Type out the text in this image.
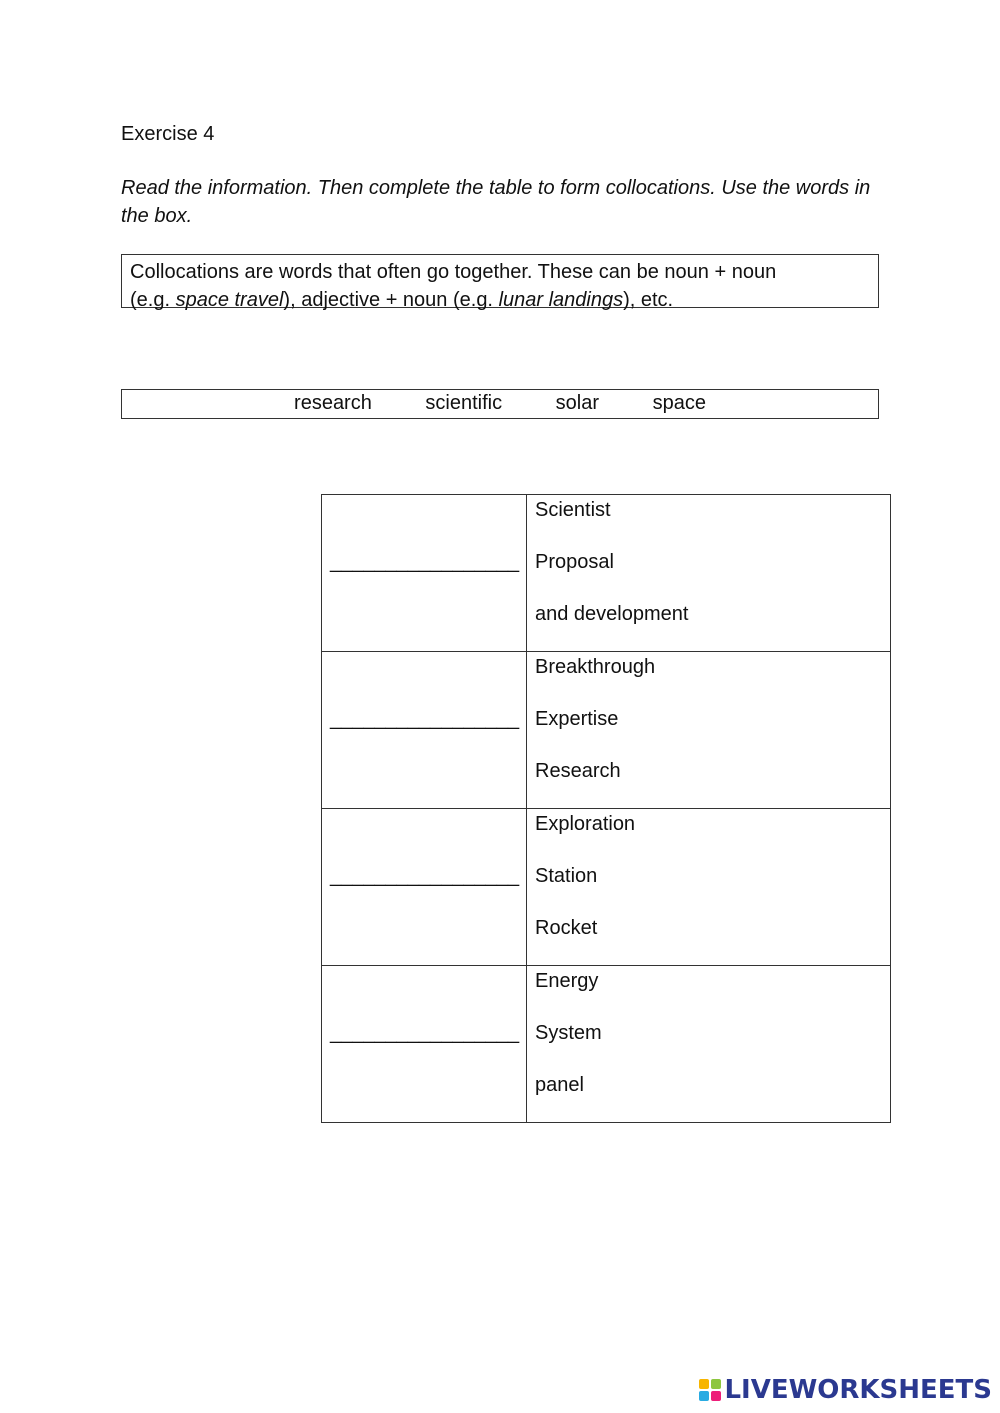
Exercise 4
Read the information. Then complete the table to form collocations. Use the words in the box.
Collocations are words that often go together. These can be noun + noun
(e.g. space travel), adjective + noun (e.g. lunar landings), etc.
research	scientific	solar	space
_________________	Scientist
Proposal
and development

_________________	Breakthrough
Expertise
Research

_________________	Exploration
Station
Rocket

_________________	Energy
System
panel
LIVEWORKSHEETS
